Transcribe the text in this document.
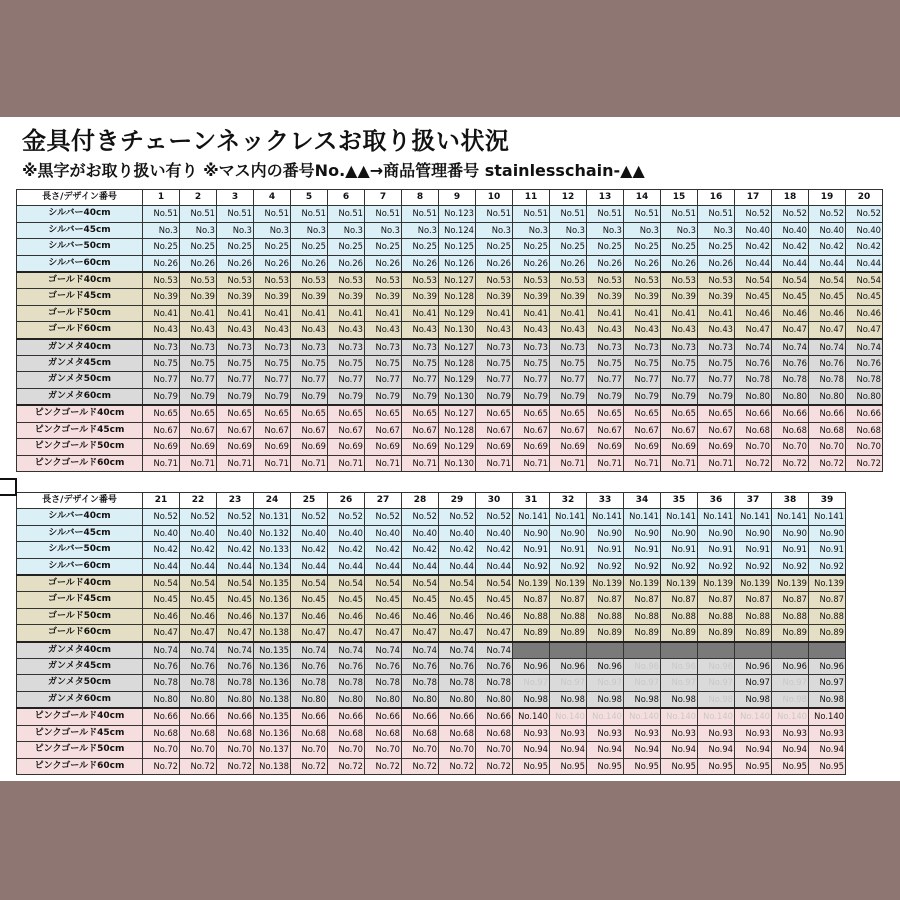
金具付きチェーンネックレスお取り扱い状況
※黒字がお取り扱い有り ※マス内の番号No.▲▲→商品管理番号 stainlesschain-▲▲
長さ/デザイン番号	1	2	3	4	5	6	7	8	9	10	11	12	13	14	15	16	17	18	19	20
シルバー40cm	No.51	No.51	No.51	No.51	No.51	No.51	No.51	No.51	No.123	No.51	No.51	No.51	No.51	No.51	No.51	No.51	No.52	No.52	No.52	No.52
シルバー45cm	No.3	No.3	No.3	No.3	No.3	No.3	No.3	No.3	No.124	No.3	No.3	No.3	No.3	No.3	No.3	No.3	No.40	No.40	No.40	No.40
シルバー50cm	No.25	No.25	No.25	No.25	No.25	No.25	No.25	No.25	No.125	No.25	No.25	No.25	No.25	No.25	No.25	No.25	No.42	No.42	No.42	No.42
シルバー60cm	No.26	No.26	No.26	No.26	No.26	No.26	No.26	No.26	No.126	No.26	No.26	No.26	No.26	No.26	No.26	No.26	No.44	No.44	No.44	No.44
ゴールド40cm	No.53	No.53	No.53	No.53	No.53	No.53	No.53	No.53	No.127	No.53	No.53	No.53	No.53	No.53	No.53	No.53	No.54	No.54	No.54	No.54
ゴールド45cm	No.39	No.39	No.39	No.39	No.39	No.39	No.39	No.39	No.128	No.39	No.39	No.39	No.39	No.39	No.39	No.39	No.45	No.45	No.45	No.45
ゴールド50cm	No.41	No.41	No.41	No.41	No.41	No.41	No.41	No.41	No.129	No.41	No.41	No.41	No.41	No.41	No.41	No.41	No.46	No.46	No.46	No.46
ゴールド60cm	No.43	No.43	No.43	No.43	No.43	No.43	No.43	No.43	No.130	No.43	No.43	No.43	No.43	No.43	No.43	No.43	No.47	No.47	No.47	No.47
ガンメタ40cm	No.73	No.73	No.73	No.73	No.73	No.73	No.73	No.73	No.127	No.73	No.73	No.73	No.73	No.73	No.73	No.73	No.74	No.74	No.74	No.74
ガンメタ45cm	No.75	No.75	No.75	No.75	No.75	No.75	No.75	No.75	No.128	No.75	No.75	No.75	No.75	No.75	No.75	No.75	No.76	No.76	No.76	No.76
ガンメタ50cm	No.77	No.77	No.77	No.77	No.77	No.77	No.77	No.77	No.129	No.77	No.77	No.77	No.77	No.77	No.77	No.77	No.78	No.78	No.78	No.78
ガンメタ60cm	No.79	No.79	No.79	No.79	No.79	No.79	No.79	No.79	No.130	No.79	No.79	No.79	No.79	No.79	No.79	No.79	No.80	No.80	No.80	No.80
ピンクゴールド40cm	No.65	No.65	No.65	No.65	No.65	No.65	No.65	No.65	No.127	No.65	No.65	No.65	No.65	No.65	No.65	No.65	No.66	No.66	No.66	No.66
ピンクゴールド45cm	No.67	No.67	No.67	No.67	No.67	No.67	No.67	No.67	No.128	No.67	No.67	No.67	No.67	No.67	No.67	No.67	No.68	No.68	No.68	No.68
ピンクゴールド50cm	No.69	No.69	No.69	No.69	No.69	No.69	No.69	No.69	No.129	No.69	No.69	No.69	No.69	No.69	No.69	No.69	No.70	No.70	No.70	No.70
ピンクゴールド60cm	No.71	No.71	No.71	No.71	No.71	No.71	No.71	No.71	No.130	No.71	No.71	No.71	No.71	No.71	No.71	No.71	No.72	No.72	No.72	No.72
長さ/デザイン番号	21	22	23	24	25	26	27	28	29	30	31	32	33	34	35	36	37	38	39
シルバー40cm	No.52	No.52	No.52	No.131	No.52	No.52	No.52	No.52	No.52	No.52	No.141	No.141	No.141	No.141	No.141	No.141	No.141	No.141	No.141
シルバー45cm	No.40	No.40	No.40	No.132	No.40	No.40	No.40	No.40	No.40	No.40	No.90	No.90	No.90	No.90	No.90	No.90	No.90	No.90	No.90
シルバー50cm	No.42	No.42	No.42	No.133	No.42	No.42	No.42	No.42	No.42	No.42	No.91	No.91	No.91	No.91	No.91	No.91	No.91	No.91	No.91
シルバー60cm	No.44	No.44	No.44	No.134	No.44	No.44	No.44	No.44	No.44	No.44	No.92	No.92	No.92	No.92	No.92	No.92	No.92	No.92	No.92
ゴールド40cm	No.54	No.54	No.54	No.135	No.54	No.54	No.54	No.54	No.54	No.54	No.139	No.139	No.139	No.139	No.139	No.139	No.139	No.139	No.139
ゴールド45cm	No.45	No.45	No.45	No.136	No.45	No.45	No.45	No.45	No.45	No.45	No.87	No.87	No.87	No.87	No.87	No.87	No.87	No.87	No.87
ゴールド50cm	No.46	No.46	No.46	No.137	No.46	No.46	No.46	No.46	No.46	No.46	No.88	No.88	No.88	No.88	No.88	No.88	No.88	No.88	No.88
ゴールド60cm	No.47	No.47	No.47	No.138	No.47	No.47	No.47	No.47	No.47	No.47	No.89	No.89	No.89	No.89	No.89	No.89	No.89	No.89	No.89
ガンメタ40cm	No.74	No.74	No.74	No.135	No.74	No.74	No.74	No.74	No.74	No.74									
ガンメタ45cm	No.76	No.76	No.76	No.136	No.76	No.76	No.76	No.76	No.76	No.76	No.96	No.96	No.96	No.96	No.96	No.96	No.96	No.96	No.96
ガンメタ50cm	No.78	No.78	No.78	No.136	No.78	No.78	No.78	No.78	No.78	No.78	No.97	No.97	No.97	No.97	No.97	No.97	No.97	No.97	No.97
ガンメタ60cm	No.80	No.80	No.80	No.138	No.80	No.80	No.80	No.80	No.80	No.80	No.98	No.98	No.98	No.98	No.98	No.98	No.98	No.98	No.98
ピンクゴールド40cm	No.66	No.66	No.66	No.135	No.66	No.66	No.66	No.66	No.66	No.66	No.140	No.140	No.140	No.140	No.140	No.140	No.140	No.140	No.140
ピンクゴールド45cm	No.68	No.68	No.68	No.136	No.68	No.68	No.68	No.68	No.68	No.68	No.93	No.93	No.93	No.93	No.93	No.93	No.93	No.93	No.93
ピンクゴールド50cm	No.70	No.70	No.70	No.137	No.70	No.70	No.70	No.70	No.70	No.70	No.94	No.94	No.94	No.94	No.94	No.94	No.94	No.94	No.94
ピンクゴールド60cm	No.72	No.72	No.72	No.138	No.72	No.72	No.72	No.72	No.72	No.72	No.95	No.95	No.95	No.95	No.95	No.95	No.95	No.95	No.95
